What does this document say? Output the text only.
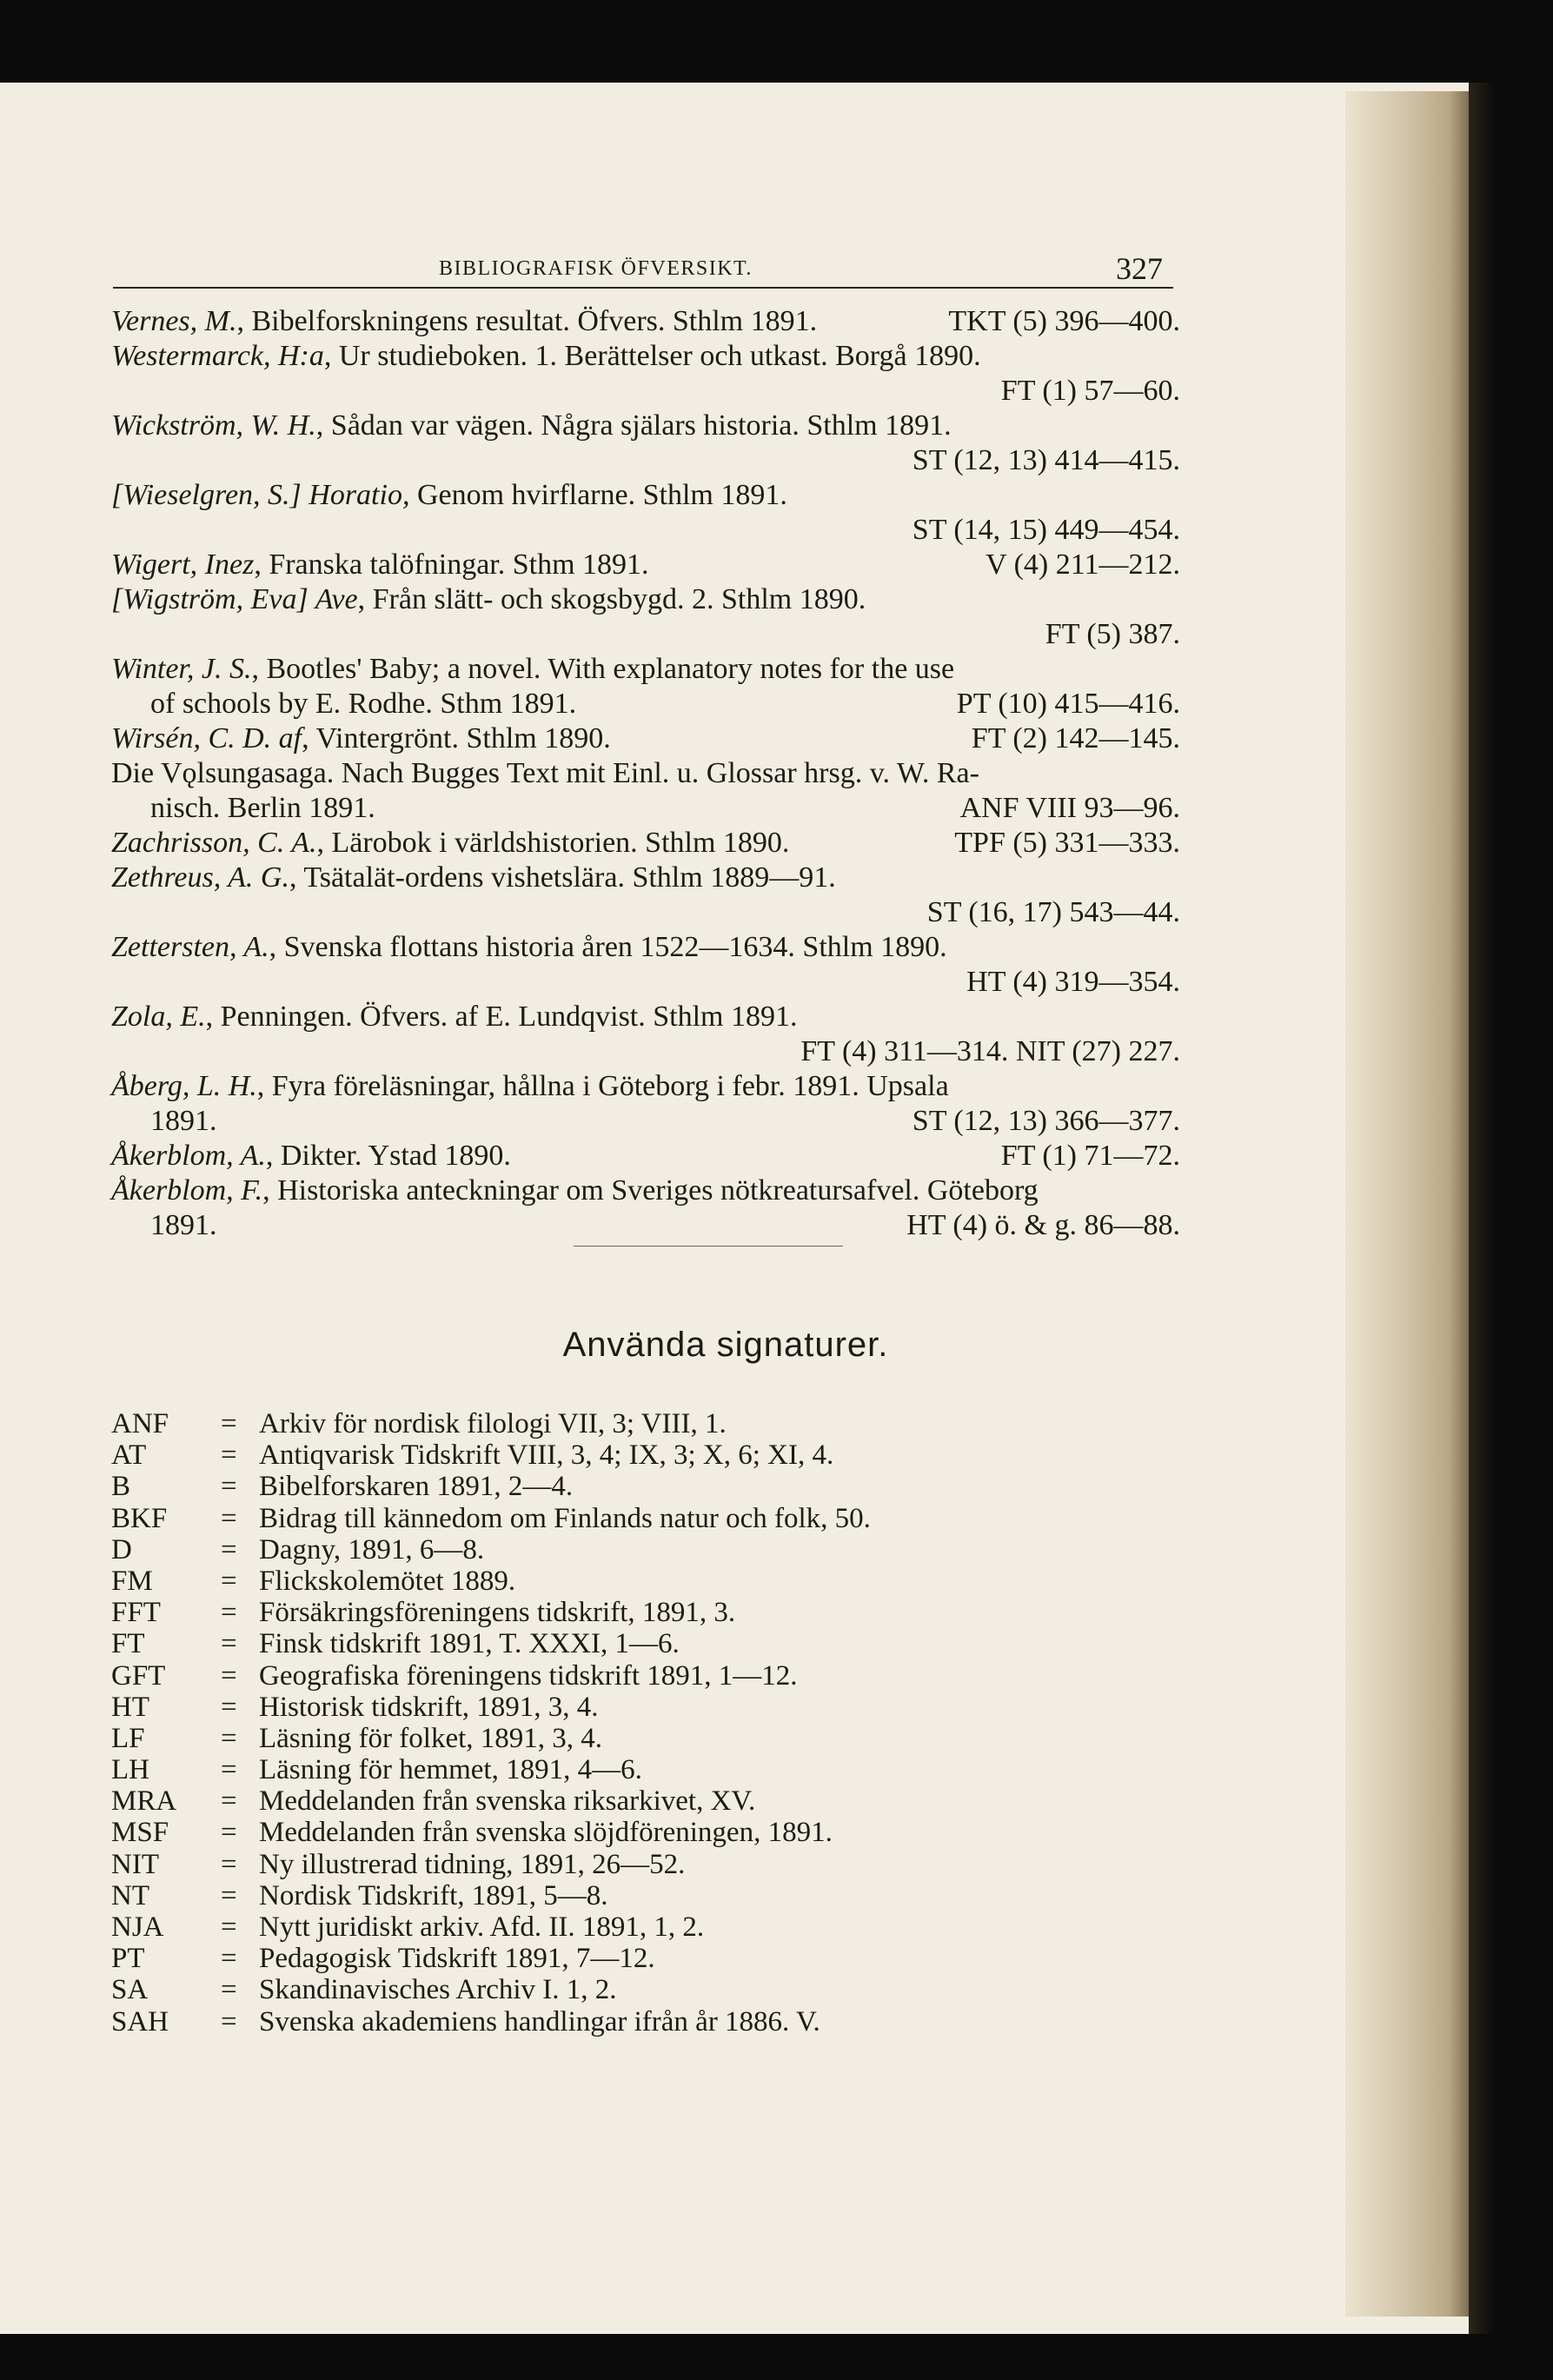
BIBLIOGRAFISK ÖFVERSIKT.	327
Vernes, M., Bibelforskningens resultat. Öfvers. Sthlm 1891.	TKT (5) 396—400.
Westermarck, H:a, Ur studieboken. 1. Berättelser och utkast. Borgå 1890.
FT (1) 57—60.
Wickström, W. H., Sådan var vägen. Några själars historia. Sthlm 1891.
ST (12, 13) 414—415.
[Wieselgren, S.] Horatio, Genom hvirflarne. Sthlm 1891.
ST (14, 15) 449—454.
Wigert, Inez, Franska talöfningar. Sthm 1891.	V (4) 211—212.
[Wigström, Eva] Ave, Från slätt- och skogsbygd. 2. Sthlm 1890.
FT (5) 387.
Winter, J. S., Bootles' Baby; a novel. With explanatory notes for the use
of schools by E. Rodhe. Sthm 1891.	PT (10) 415—416.
Wirsén, C. D. af, Vintergrönt. Sthlm 1890.	FT (2) 142—145.
Die Vǫlsungasaga. Nach Bugges Text mit Einl. u. Glossar hrsg. v. W. Ra-
nisch. Berlin 1891.	ANF VIII 93—96.
Zachrisson, C. A., Lärobok i världshistorien. Sthlm 1890.	TPF (5) 331—333.
Zethreus, A. G., Tsätalät-ordens vishetslära. Sthlm 1889—91.
ST (16, 17) 543—44.
Zettersten, A., Svenska flottans historia åren 1522—1634. Sthlm 1890.
HT (4) 319—354.
Zola, E., Penningen. Öfvers. af E. Lundqvist. Sthlm 1891.
FT (4) 311—314. NIT (27) 227.
Åberg, L. H., Fyra föreläsningar, hållna i Göteborg i febr. 1891. Upsala
1891.	ST (12, 13) 366—377.
Åkerblom, A., Dikter. Ystad 1890.	FT (1) 71—72.
Åkerblom, F., Historiska anteckningar om Sveriges nötkreatursafvel. Göteborg
1891.	HT (4) ö. & g. 86—88.
Använda signaturer.
ANF	= Arkiv för nordisk filologi VII, 3; VIII, 1.
AT	= Antiqvarisk Tidskrift VIII, 3, 4; IX, 3; X, 6; XI, 4.
B	= Bibelforskaren 1891, 2—4.
BKF	= Bidrag till kännedom om Finlands natur och folk, 50.
D	= Dagny, 1891, 6—8.
FM	= Flickskolemötet 1889.
FFT	= Försäkringsföreningens tidskrift, 1891, 3.
FT	= Finsk tidskrift 1891, T. XXXI, 1—6.
GFT	= Geografiska föreningens tidskrift 1891, 1—12.
HT	= Historisk tidskrift, 1891, 3, 4.
LF	= Läsning för folket, 1891, 3, 4.
LH	= Läsning för hemmet, 1891, 4—6.
MRA	= Meddelanden från svenska riksarkivet, XV.
MSF	= Meddelanden från svenska slöjdföreningen, 1891.
NIT	= Ny illustrerad tidning, 1891, 26—52.
NT	= Nordisk Tidskrift, 1891, 5—8.
NJA	= Nytt juridiskt arkiv. Afd. II. 1891, 1, 2.
PT	= Pedagogisk Tidskrift 1891, 7—12.
SA	= Skandinavisches Archiv I. 1, 2.
SAH	= Svenska akademiens handlingar ifrån år 1886. V.
